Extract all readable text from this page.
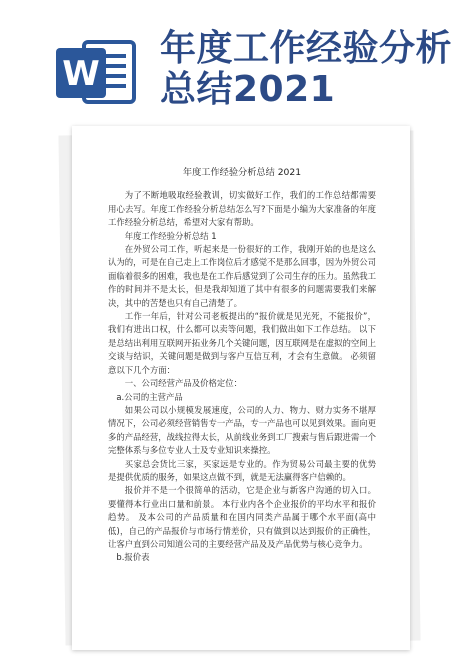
W
年度工作经验分析
总结2021
年度工作经验分析总结 2021

为了不断地吸取经验教训，切实做好工作，我们的工作总结都需要用心去写。年度工作经验分析总结怎么写?下面是小编为大家准备的年度工作经验分析总结，希望对大家有帮助。

年度工作经验分析总结 1

在外贸公司工作，听起来是一份很好的工作，我刚开始的也是这么认为的，可是在自己走上工作岗位后才感觉不是那么回事，因为外贸公司面临着很多的困难，我也是在工作后感觉到了公司生存的压力。虽然我工作的时间并不是太长，但是我却知道了其中有很多的问题需要我们来解决，其中的苦楚也只有自己清楚了。

工作一年后，针对公司老板提出的“报价就是见光死，不能报价”，我们有进出口权，什么都可以卖等问题，我们做出如下工作总结。 以下是总结出利用互联网开拓业务几个关键问题，因互联网是在虚拟的空间上交谈与结识，关键问题是做到与客户互信互利，才会有生意做。 必须留意以下几个方面：

一、公司经营产品及价格定位：

a.公司的主营产品

如果公司以小规模发展速度，公司的人力、物力、财力实务不堪厚情况下，公司必须经营销售专一产品，专一产品也可以见到效果。面向更多的产品经营，战线拉得太长，从前线业务到工厂搜索与售后跟进需一个完整体系与多位专业人士及专业知识来操控。

买家总会货比三家，买家远是专业的。作为贸易公司最主要的优势是提供优质的服务，如果这点做不到，就是无法赢得客户信赖的。

报价并不是一个很简单的活动，它是企业与新客户沟通的切入口。要懂得本行业出口量和前景。 本行业内各个企业报价的平均水平和报价趋势。 及本公司的产品质量和在国内同类产品属于哪个水平面(高中低)，自己的产品报价与市场行情差价，只有做到以达到报价的正确性，让客户直到公司知道公司的主要经营产品及及产品优势与核心竞争力。

b.报价表
